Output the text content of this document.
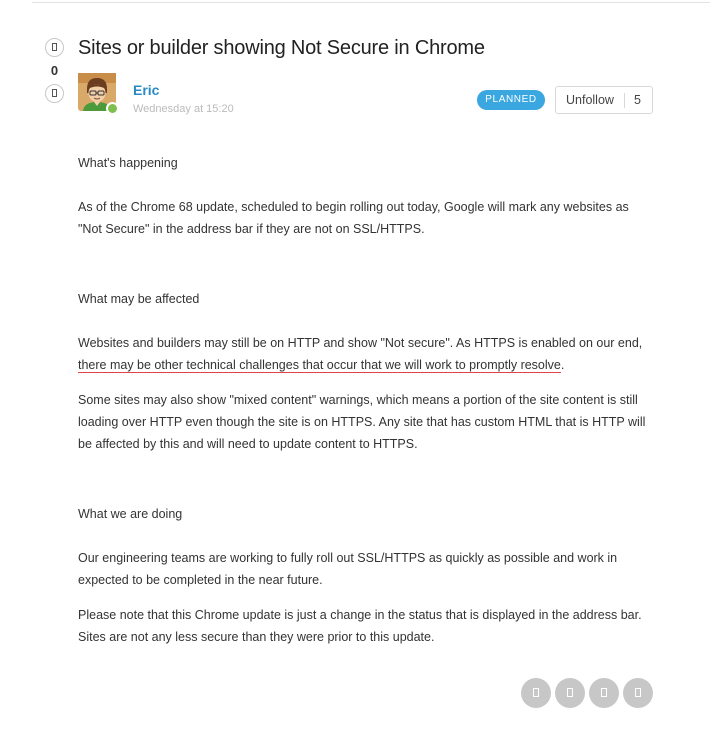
0
Sites or builder showing Not Secure in Chrome
Eric
Wednesday at 15:20
PLANNED	Unfollow 5

What's happening

As of the Chrome 68 update, scheduled to begin rolling out today, Google will mark any websites as "Not Secure" in the address bar if they are not on SSL/HTTPS.

What may be affected

Websites and builders may still be on HTTP and show "Not secure". As HTTPS is enabled on our end, there may be other technical challenges that occur that we will work to promptly resolve.

Some sites may also show "mixed content" warnings, which means a portion of the site content is still loading over HTTP even though the site is on HTTPS. Any site that has custom HTML that is HTTP will be affected by this and will need to update content to HTTPS.

What we are doing

Our engineering teams are working to fully roll out SSL/HTTPS as quickly as possible and work in expected to be completed in the near future.

Please note that this Chrome update is just a change in the status that is displayed in the address bar. Sites are not any less secure than they were prior to this update.
